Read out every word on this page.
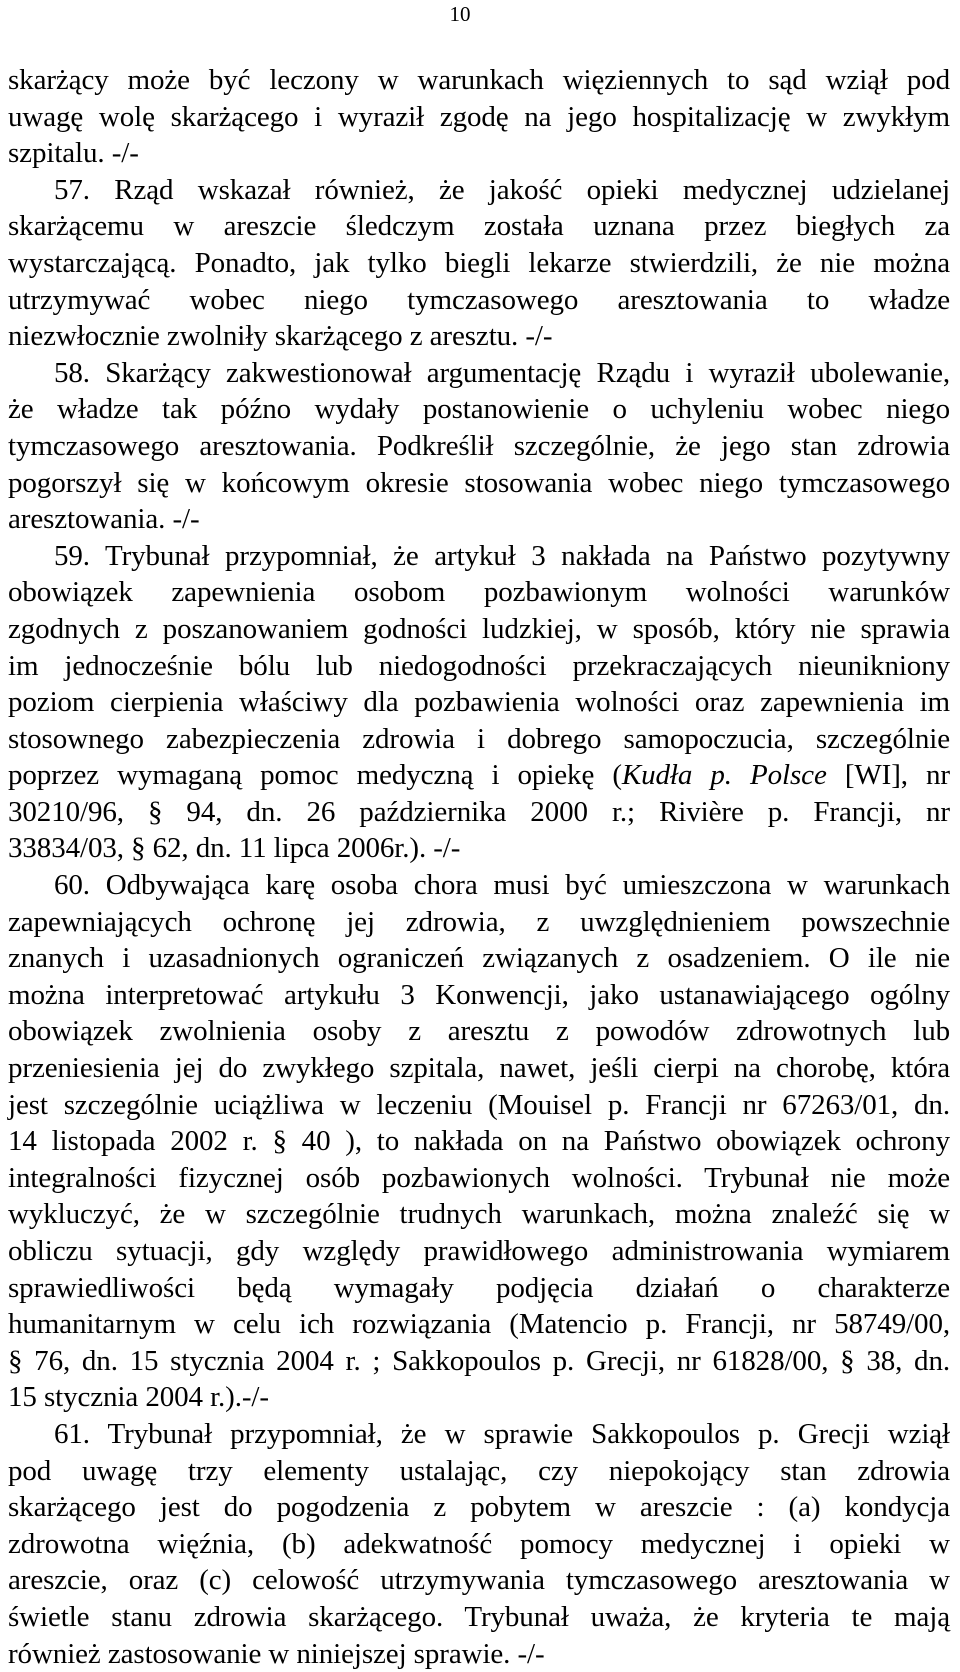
10
skarżący może być leczony w warunkach więziennych to sąd wziął pod
uwagę wolę skarżącego i wyraził zgodę na jego hospitalizację w zwykłym
szpitalu. -/-
57. Rząd wskazał również, że jakość opieki medycznej udzielanej
skarżącemu w areszcie śledczym została uznana przez biegłych za
wystarczającą. Ponadto, jak tylko biegli lekarze stwierdzili, że nie można
utrzymywać wobec niego tymczasowego aresztowania to władze
niezwłocznie zwolniły skarżącego z aresztu. -/-
58. Skarżący zakwestionował argumentację Rządu i wyraził ubolewanie,
że władze tak późno wydały postanowienie o uchyleniu wobec niego
tymczasowego aresztowania. Podkreślił szczególnie, że jego stan zdrowia
pogorszył się w końcowym okresie stosowania wobec niego tymczasowego
aresztowania. -/-
59. Trybunał przypomniał, że artykuł 3 nakłada na Państwo pozytywny
obowiązek zapewnienia osobom pozbawionym wolności warunków
zgodnych z poszanowaniem godności ludzkiej, w sposób, który nie sprawia
im jednocześnie bólu lub niedogodności przekraczających nieunikniony
poziom cierpienia właściwy dla pozbawienia wolności oraz zapewnienia im
stosownego zabezpieczenia zdrowia i dobrego samopoczucia, szczególnie
poprzez wymaganą pomoc medyczną i opiekę (Kudła p. Polsce [WI], nr
30210/96, § 94, dn. 26 października 2000 r.; Rivière p. Francji, nr
33834/03, § 62, dn. 11 lipca 2006r.). -/-
60. Odbywająca karę osoba chora musi być umieszczona w warunkach
zapewniających ochronę jej zdrowia, z uwzględnieniem powszechnie
znanych i uzasadnionych ograniczeń związanych z osadzeniem. O ile nie
można interpretować artykułu 3 Konwencji, jako ustanawiającego ogólny
obowiązek zwolnienia osoby z aresztu z powodów zdrowotnych lub
przeniesienia jej do zwykłego szpitala, nawet, jeśli cierpi na chorobę, która
jest szczególnie uciążliwa w leczeniu (Mouisel p. Francji nr 67263/01, dn.
14 listopada 2002 r. § 40 ), to nakłada on na Państwo obowiązek ochrony
integralności fizycznej osób pozbawionych wolności. Trybunał nie może
wykluczyć, że w szczególnie trudnych warunkach, można znaleźć się w
obliczu sytuacji, gdy względy prawidłowego administrowania wymiarem
sprawiedliwości będą wymagały podjęcia działań o charakterze
humanitarnym w celu ich rozwiązania (Matencio p. Francji, nr 58749/00,
§ 76, dn. 15 stycznia 2004 r. ; Sakkopoulos p. Grecji, nr 61828/00, § 38, dn.
15 stycznia 2004 r.).-/-
61. Trybunał przypomniał, że w sprawie Sakkopoulos p. Grecji wziął
pod uwagę trzy elementy ustalając, czy niepokojący stan zdrowia
skarżącego jest do pogodzenia z pobytem w areszcie : (a) kondycja
zdrowotna więźnia, (b) adekwatność pomocy medycznej i opieki w
areszcie, oraz (c) celowość utrzymywania tymczasowego aresztowania w
świetle stanu zdrowia skarżącego. Trybunał uważa, że kryteria te mają
również zastosowanie w niniejszej sprawie. -/-
